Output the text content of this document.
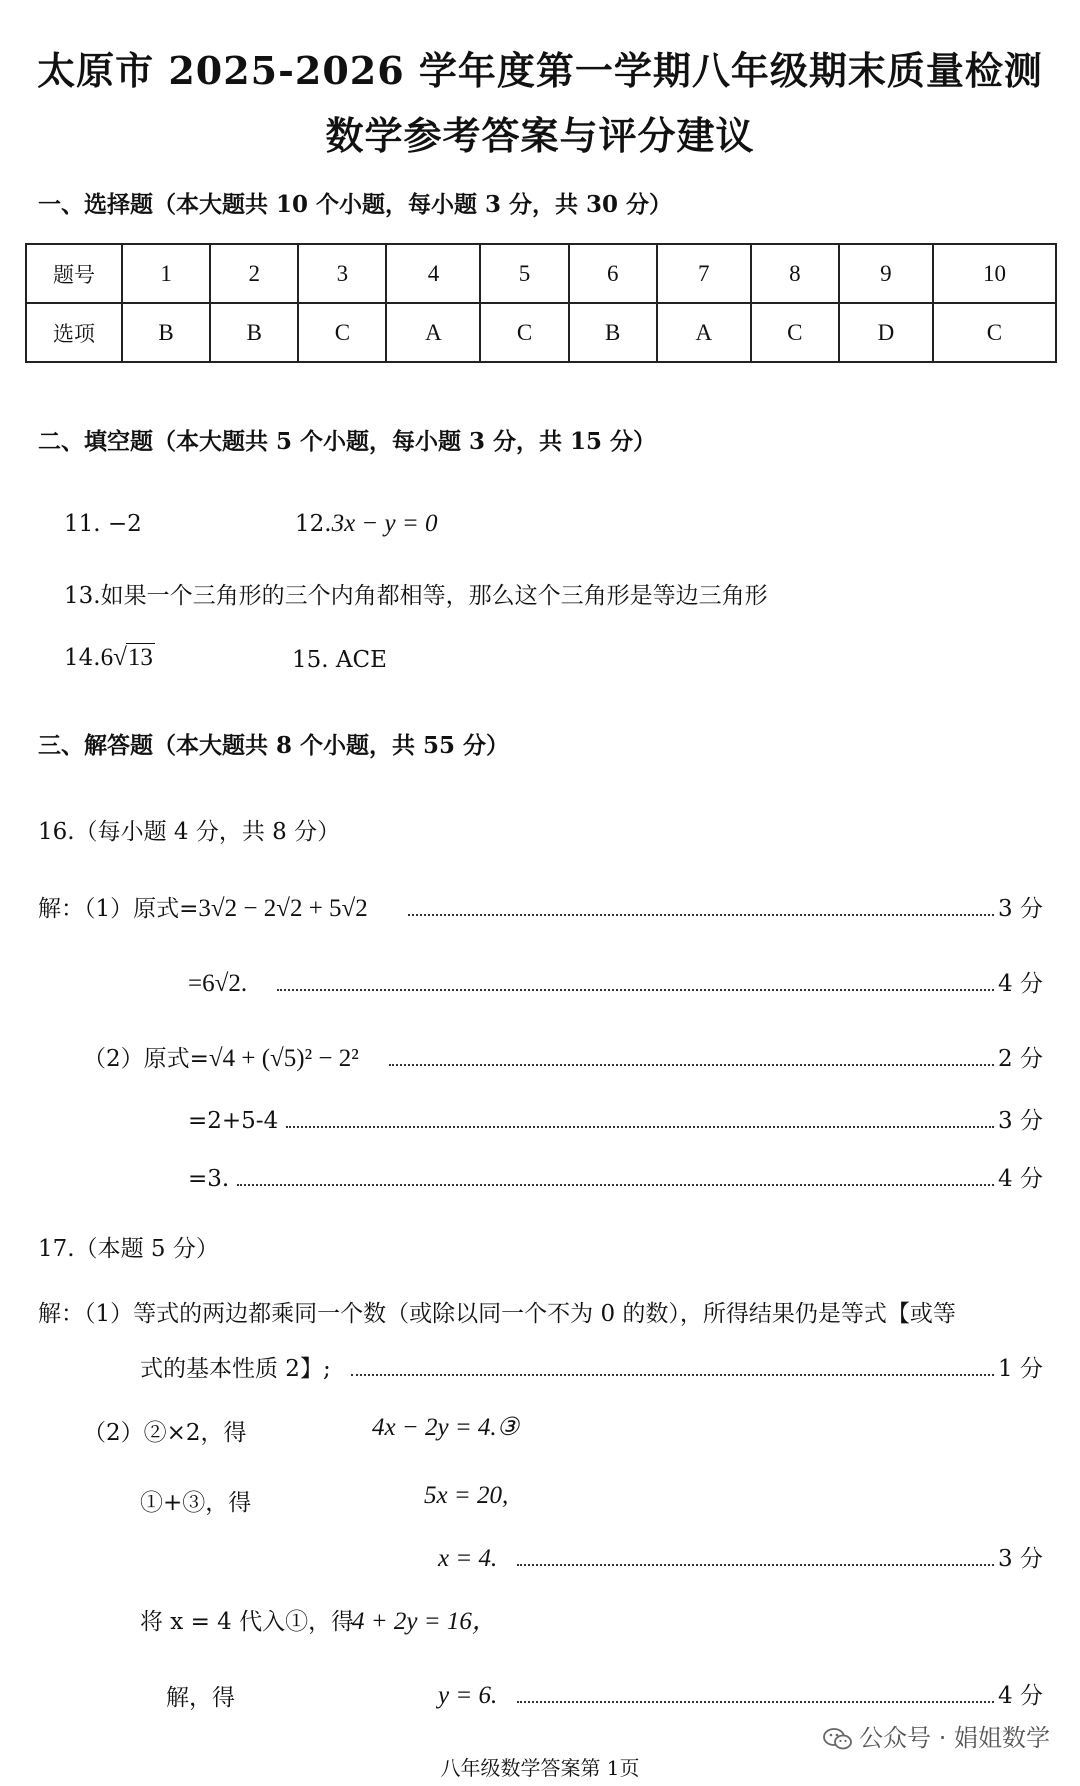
太原市 2025-2026 学年度第一学期八年级期末质量检测
数学参考答案与评分建议
一、选择题（本大题共 10 个小题，每小题 3 分，共 30 分）
题号	1	2	3	4	5	6	7	8	9	10
选项	B	B	C	A	C	B	A	C	D	C
二、填空题（本大题共 5 个小题，每小题 3 分，共 15 分）
11. −2	12.3x − y = 0
13.如果一个三角形的三个内角都相等，那么这个三角形是等边三角形
14.6√13	15. ACE
三、解答题（本大题共 8 个小题，共 55 分）
16.（每小题 4 分，共 8 分）
解：（1）原式= 3√2 − 2√2 + 5√2	3 分
=6√2.	4 分
（2）原式= √4 + (√5)² − 2²	2 分
=2+5-4	3 分
=3.	4 分
17.（本题 5 分）
解：（1）等式的两边都乘同一个数（或除以同一个不为 0 的数），所得结果仍是等式【或等
式的基本性质 2】;	1 分
（2）②×2，得	4x − 2y = 4.③
①+③，得	5x = 20,
x = 4.	3 分
将 x = 4 代入①，得
4 + 2y = 16，
解，得	y = 6.	4 分
八年级数学答案第 1页
公众号 · 娟姐数学
